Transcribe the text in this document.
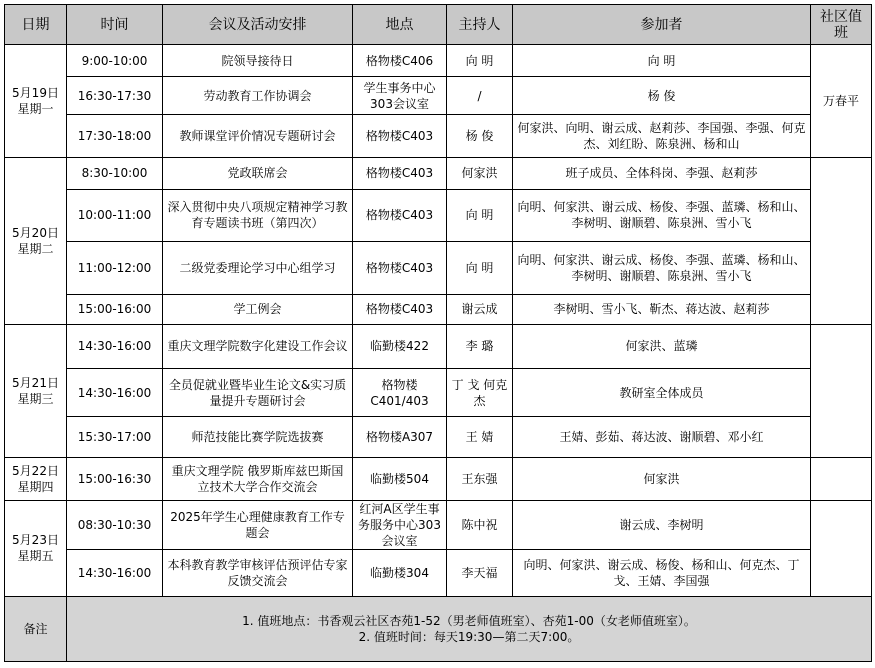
日期	时间	会议及活动安排	地点	主持人	参加者	社区值班

5月19日
星期一	9:00-10:00	院领导接待日	格物楼C406	向 明	向 明	万春平
	16:30-17:30	劳动教育工作协调会	学生事务中心303会议室	/	杨 俊	
	17:30-18:00	教师课堂评价情况专题研讨会	格物楼C403	杨 俊	何家洪、向明、谢云成、赵莉莎、李国强、李强、何克杰、刘红盼、陈泉洲、杨和山	

5月20日
星期二	8:30-10:00	党政联席会	格物楼C403	何家洪	班子成员、全体科岗、李强、赵莉莎	
	10:00-11:00	深入贯彻中央八项规定精神学习教育专题读书班（第四次）	格物楼C403	向 明	向明、何家洪、谢云成、杨俊、李强、蓝璘、杨和山、李树明、谢顺碧、陈泉洲、雪小飞	
	11:00-12:00	二级党委理论学习中心组学习	格物楼C403	向 明	向明、何家洪、谢云成、杨俊、李强、蓝璘、杨和山、李树明、谢顺碧、陈泉洲、雪小飞	
	15:00-16:00	学工例会	格物楼C403	谢云成	李树明、雪小飞、靳杰、蒋达波、赵莉莎	

5月21日
星期三	14:30-16:00	重庆文理学院数字化建设工作会议	临勤楼422	李 璐	何家洪、蓝璘	
	14:30-16:00	全员促就业暨毕业生论文&实习质量提升专题研讨会	格物楼C401/403	丁 戈 何克杰	教研室全体成员	
	15:30-17:00	师范技能比赛学院选拔赛	格物楼A307	王 婧	王婧、彭茹、蒋达波、谢顺碧、邓小红	

5月22日
星期四	15:00-16:30	重庆文理学院 俄罗斯库兹巴斯国立技术大学合作交流会	临勤楼504	王东强	何家洪	

5月23日
星期五	08:30-10:30	2025年学生心理健康教育工作专题会	红河A区学生事务服务中心303会议室	陈中祝	谢云成、李树明	
	14:30-16:00	本科教育教学审核评估预评估专家反馈交流会	临勤楼304	李天福	向明、何家洪、谢云成、杨俊、杨和山、何克杰、丁戈、王婧、李国强	
备注	1. 值班地点：书香观云社区杏苑1-52（男老师值班室）、杏苑1-00（女老师值班室）。
2. 值班时间：每天19:30—第二天7:00。					
